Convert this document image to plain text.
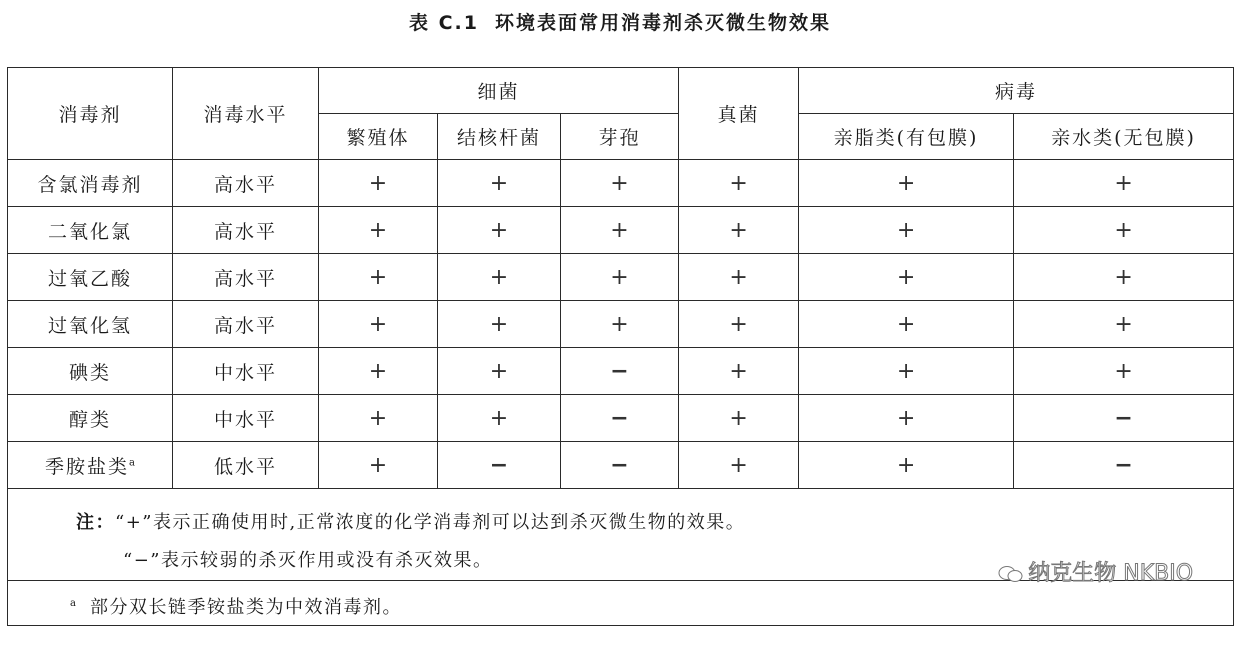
表 C.1 环境表面常用消毒剂杀灭微生物效果
消毒剂	消毒水平	细菌			真菌	病毒	
		繁殖体	结核杆菌	芽孢		亲脂类(有包膜)	亲水类(无包膜)
含氯消毒剂	高水平	+	+	+	+	+	+
二氧化氯	高水平	+	+	+	+	+	+
过氧乙酸	高水平	+	+	+	+	+	+
过氧化氢	高水平	+	+	+	+	+	+
碘类	中水平	+	+	−	+	+	+
醇类	中水平	+	+	−	+	+	−
季胺盐类$^a$	低水平	+	−	−	+	+	−

注：“+”表示正确使用时,正常浓度的化学消毒剂可以达到杀灭微生物的效果。
“−”表示较弱的杀灭作用或没有杀灭效果。
纳克生物 NKBIO							

$^a$ 部分双长链季铵盐类为中效消毒剂。							
